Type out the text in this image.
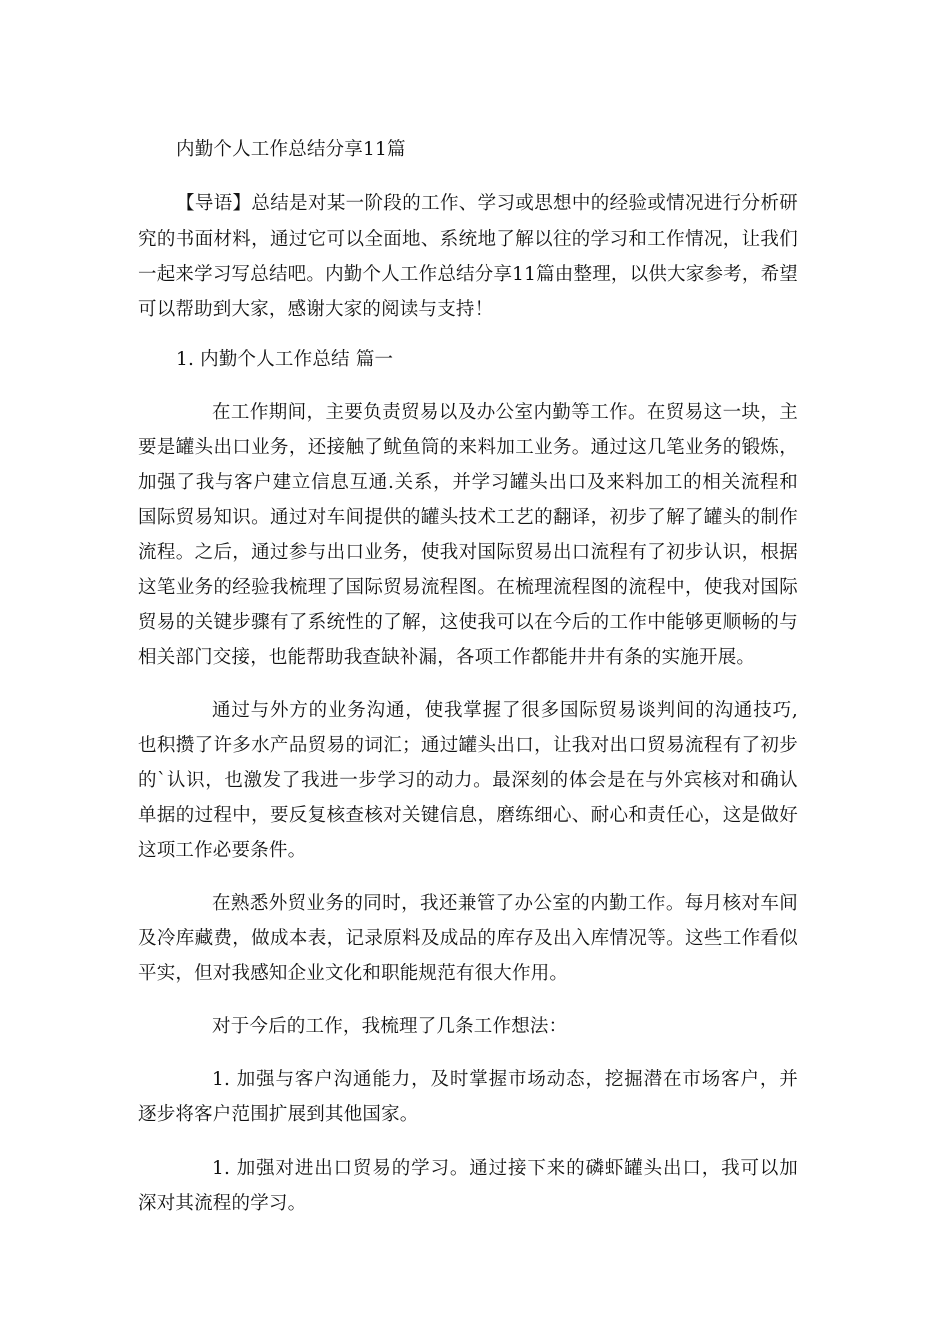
内勤个人工作总结分享11篇
【导语】总结是对某一阶段的工作、学习或思想中的经验或情况进行分析研
究的书面材料，通过它可以全面地、系统地了解以往的学习和工作情况，让我们
一起来学习写总结吧。内勤个人工作总结分享11篇由整理，以供大家参考，希望
可以帮助到大家，感谢大家的阅读与支持！
1. 内勤个人工作总结 篇一
在工作期间，主要负责贸易以及办公室内勤等工作。在贸易这一块，主
要是罐头出口业务，还接触了鱿鱼筒的来料加工业务。通过这几笔业务的锻炼，
加强了我与客户建立信息互通.关系，并学习罐头出口及来料加工的相关流程和
国际贸易知识。通过对车间提供的罐头技术工艺的翻译，初步了解了罐头的制作
流程。之后，通过参与出口业务，使我对国际贸易出口流程有了初步认识，根据
这笔业务的经验我梳理了国际贸易流程图。在梳理流程图的流程中，使我对国际
贸易的关键步骤有了系统性的了解，这使我可以在今后的工作中能够更顺畅的与
相关部门交接，也能帮助我查缺补漏，各项工作都能井井有条的实施开展。
通过与外方的业务沟通，使我掌握了很多国际贸易谈判间的沟通技巧,
也积攒了许多水产品贸易的词汇；通过罐头出口，让我对出口贸易流程有了初步
的`认识，也激发了我进一步学习的动力。最深刻的体会是在与外宾核对和确认
单据的过程中，要反复核查核对关键信息，磨练细心、耐心和责任心，这是做好
这项工作必要条件。
在熟悉外贸业务的同时，我还兼管了办公室的内勤工作。每月核对车间
及冷库藏费，做成本表，记录原料及成品的库存及出入库情况等。这些工作看似
平实，但对我感知企业文化和职能规范有很大作用。
对于今后的工作，我梳理了几条工作想法：
1. 加强与客户沟通能力，及时掌握市场动态，挖掘潜在市场客户，并
逐步将客户范围扩展到其他国家。
1. 加强对进出口贸易的学习。通过接下来的磷虾罐头出口，我可以加
深对其流程的学习。
